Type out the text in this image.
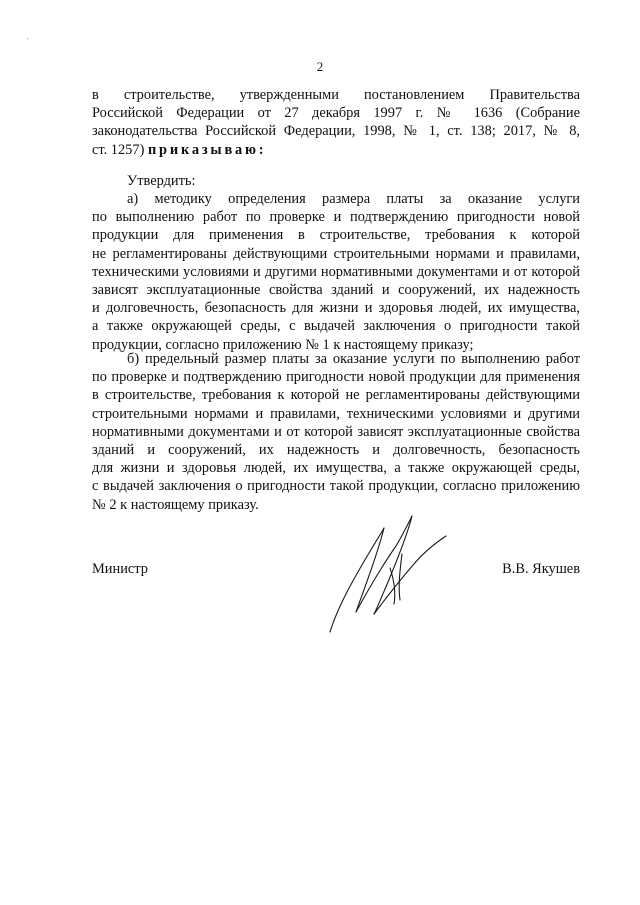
2
в строительстве, утвержденными постановлением Правительства
Российской Федерации от 27 декабря 1997 г. № 1636 (Собрание
законодательства Российской Федерации, 1998, № 1, ст. 138; 2017, № 8,
ст. 1257) приказываю:
Утвердить:
а) методику определения размера платы за оказание услуги
по выполнению работ по проверке и подтверждению пригодности новой
продукции для применения в строительстве, требования к которой
не регламентированы действующими строительными нормами и правилами,
техническими условиями и другими нормативными документами и от которой
зависят эксплуатационные свойства зданий и сооружений, их надежность
и долговечность, безопасность для жизни и здоровья людей, их имущества,
а также окружающей среды, с выдачей заключения о пригодности такой
продукции, согласно приложению № 1 к настоящему приказу;
б) предельный размер платы за оказание услуги по выполнению работ
по проверке и подтверждению пригодности новой продукции для применения
в строительстве, требования к которой не регламентированы действующими
строительными нормами и правилами, техническими условиями и другими
нормативными документами и от которой зависят эксплуатационные свойства
зданий и сооружений, их надежность и долговечность, безопасность
для жизни и здоровья людей, их имущества, а также окружающей среды,
с выдачей заключения о пригодности такой продукции, согласно приложению
№ 2 к настоящему приказу.
Министр	В.В. Якушев
